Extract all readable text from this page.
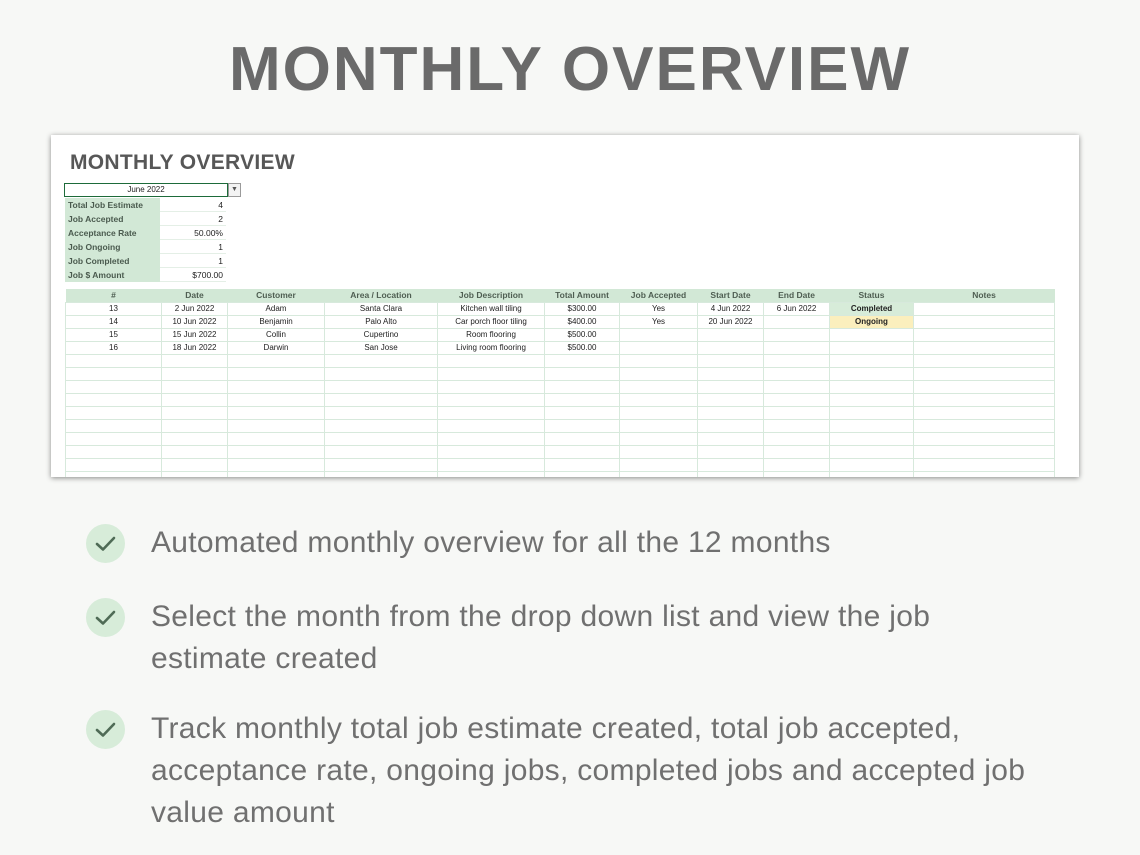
MONTHLY OVERVIEW
MONTHLY OVERVIEW
June 2022	▼
Total Job Estimate	4
Job Accepted	2
Acceptance Rate	50.00%
Job Ongoing	1
Job Completed	1
Job $ Amount	$700.00
#	Date	Customer	Area / Location	Job Description	Total Amount	Job Accepted	Start Date	End Date	Status	Notes
13	2 Jun 2022	Adam	Santa Clara	Kitchen wall tiling	$300.00	Yes	4 Jun 2022	6 Jun 2022	Completed	
14	10 Jun 2022	Benjamin	Palo Alto	Car porch floor tiling	$400.00	Yes	20 Jun 2022		Ongoing	
15	15 Jun 2022	Collin	Cupertino	Room flooring	$500.00					
16	18 Jun 2022	Darwin	San Jose	Living room flooring	$500.00					

Automated monthly overview for all the 12 months

Select the month from the drop down list and view the job estimate created

Track monthly total job estimate created, total job accepted, acceptance rate, ongoing jobs, completed jobs and accepted job value amount
